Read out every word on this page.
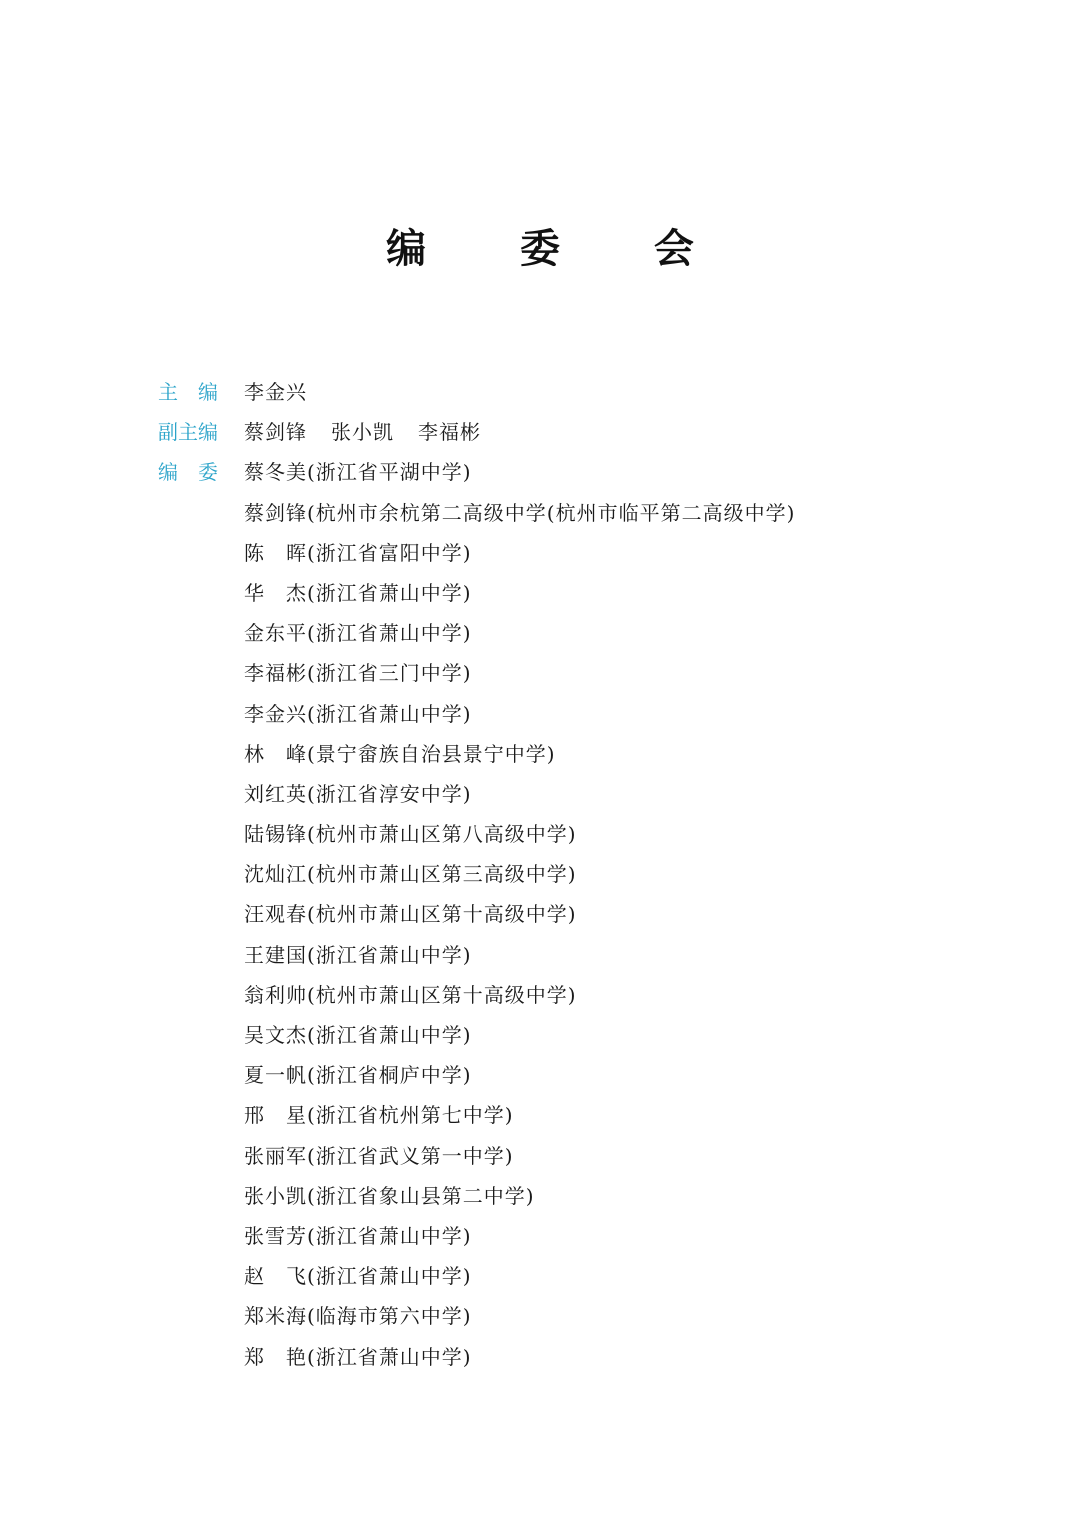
编 委 会
主　编	李金兴
副主编	蔡剑锋 张小凯 李福彬
编　委	蔡冬美(浙江省平湖中学)
蔡剑锋(杭州市余杭第二高级中学(杭州市临平第二高级中学)
陈　晖(浙江省富阳中学)
华　杰(浙江省萧山中学)
金东平(浙江省萧山中学)
李福彬(浙江省三门中学)
李金兴(浙江省萧山中学)
林　峰(景宁畲族自治县景宁中学)
刘红英(浙江省淳安中学)
陆锡锋(杭州市萧山区第八高级中学)
沈灿江(杭州市萧山区第三高级中学)
汪观春(杭州市萧山区第十高级中学)
王建国(浙江省萧山中学)
翁利帅(杭州市萧山区第十高级中学)
吴文杰(浙江省萧山中学)
夏一帆(浙江省桐庐中学)
邢　星(浙江省杭州第七中学)
张丽军(浙江省武义第一中学)
张小凯(浙江省象山县第二中学)
张雪芳(浙江省萧山中学)
赵　飞(浙江省萧山中学)
郑米海(临海市第六中学)
郑　艳(浙江省萧山中学)
